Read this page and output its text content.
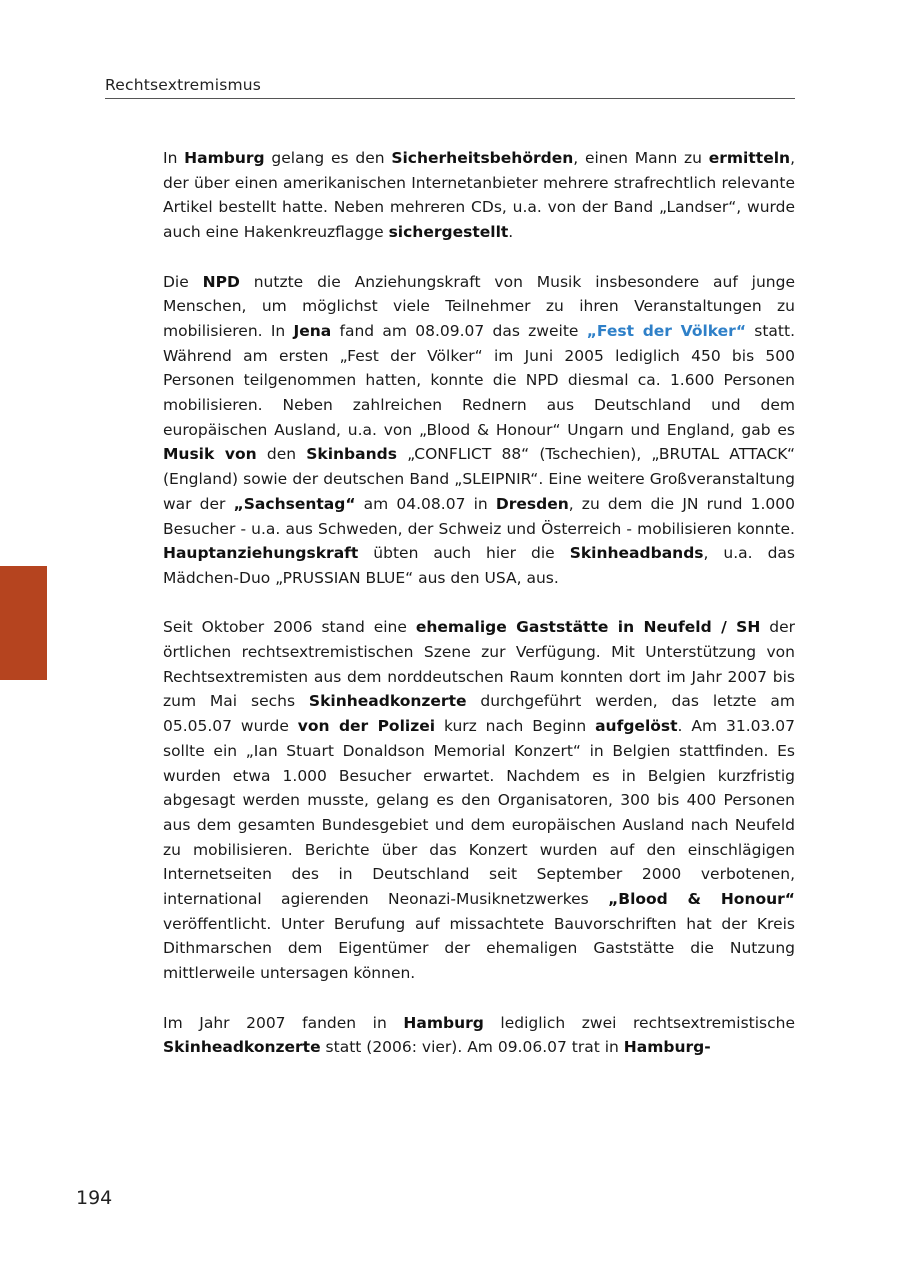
Rechtsextremismus

In Hamburg gelang es den Sicherheitsbehörden, einen Mann zu ermitteln, der über einen amerikanischen Internetanbieter mehrere strafrechtlich relevante Artikel bestellt hatte. Neben mehreren CDs, u.a. von der Band „Landser“, wurde auch eine Hakenkreuzflagge sichergestellt.

Die NPD nutzte die Anziehungskraft von Musik insbesondere auf junge Menschen, um möglichst viele Teilnehmer zu ihren Veranstaltungen zu mobilisieren. In Jena fand am 08.09.07 das zweite „Fest der Völker“ statt. Während am ersten „Fest der Völker“ im Juni 2005 lediglich 450 bis 500 Personen teilgenommen hatten, konnte die NPD diesmal ca. 1.600 Personen mobilisieren. Neben zahlreichen Rednern aus Deutschland und dem europäischen Ausland, u.a. von „Blood & Honour“ Ungarn und England, gab es Musik von den Skinbands „CONFLICT 88“ (Tschechien), „BRUTAL ATTACK“ (England) sowie der deutschen Band „SLEIPNIR“. Eine weitere Großveranstaltung war der „Sachsentag“ am 04.08.07 in Dresden, zu dem die JN rund 1.000 Besucher - u.a. aus Schweden, der Schweiz und Österreich - mobilisieren konnte. Hauptanziehungskraft übten auch hier die Skinheadbands, u.a. das Mädchen-Duo „PRUSSIAN BLUE“ aus den USA, aus.

Seit Oktober 2006 stand eine ehemalige Gaststätte in Neufeld / SH der örtlichen rechtsextremistischen Szene zur Verfügung. Mit Unterstützung von Rechtsextremisten aus dem norddeutschen Raum konnten dort im Jahr 2007 bis zum Mai sechs Skinheadkonzerte durchgeführt werden, das letzte am 05.05.07 wurde von der Polizei kurz nach Beginn aufgelöst. Am 31.03.07 sollte ein „Ian Stuart Donaldson Memorial Konzert“ in Belgien stattfinden. Es wurden etwa 1.000 Besucher erwartet. Nachdem es in Belgien kurzfristig abgesagt werden musste, gelang es den Organisatoren, 300 bis 400 Personen aus dem gesamten Bundesgebiet und dem europäischen Ausland nach Neufeld zu mobilisieren. Berichte über das Konzert wurden auf den einschlägigen Internetseiten des in Deutschland seit September 2000 verbotenen, international agierenden Neonazi-Musiknetzwerkes „Blood & Honour“ veröffentlicht. Unter Berufung auf missachtete Bauvorschriften hat der Kreis Dithmarschen dem Eigentümer der ehemaligen Gaststätte die Nutzung mittlerweile untersagen können.

Im Jahr 2007 fanden in Hamburg lediglich zwei rechtsextremistische Skinheadkonzerte statt (2006: vier). Am 09.06.07 trat in Hamburg-

194
